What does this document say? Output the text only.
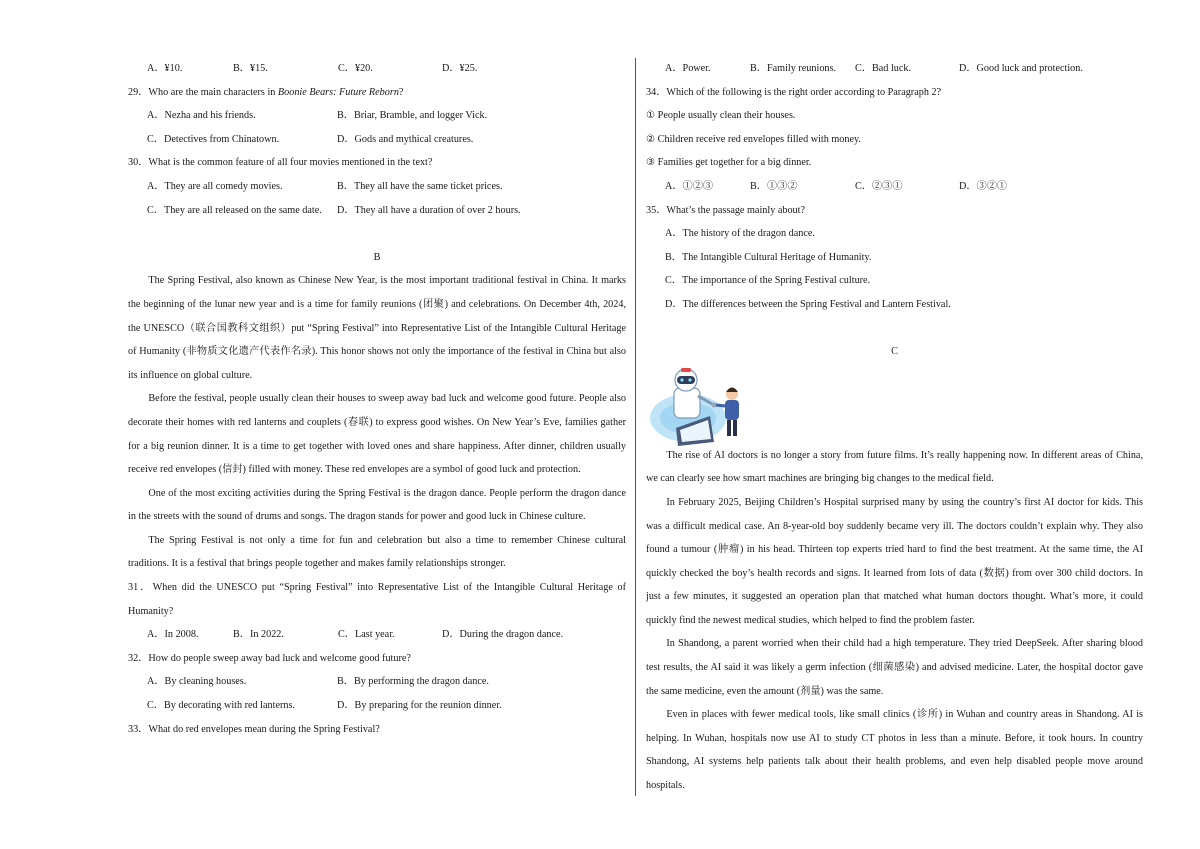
A．¥10.	B．¥15.	C．¥20.	D．¥25.
29．Who are the main characters in Boonie Bears: Future Reborn?
A．Nezha and his friends.	B．Briar, Bramble, and logger Vick.
C．Detectives from Chinatown.	D．Gods and mythical creatures.
30．What is the common feature of all four movies mentioned in the text?
A．They are all comedy movies.	B．They all have the same ticket prices.
C．They are all released on the same date.	D．They all have a duration of over 2 hours.
B

The Spring Festival, also known as Chinese New Year, is the most important traditional festival in China. It marks the beginning of the lunar new year and is a time for family reunions (团聚) and celebrations. On December 4th, 2024, the UNESCO（联合国教科文组织）put “Spring Festival” into Representative List of the Intangible Cultural Heritage of Humanity (非物质文化遗产代表作名录). This honor shows not only the importance of the festival in China but also its influence on global culture.

Before the festival, people usually clean their houses to sweep away bad luck and welcome good future. People also decorate their homes with red lanterns and couplets (春联) to express good wishes. On New Year’s Eve, families gather for a big reunion dinner. It is a time to get together with loved ones and share happiness. After dinner, children usually receive red envelopes (信封) filled with money. These red envelopes are a symbol of good luck and protection.

One of the most exciting activities during the Spring Festival is the dragon dance. People perform the dragon dance in the streets with the sound of drums and songs. The dragon stands for power and good luck in Chinese culture.

The Spring Festival is not only a time for fun and celebration but also a time to remember Chinese cultural traditions. It is a festival that brings people together and makes family relationships stronger.

31．When did the UNESCO put “Spring Festival” into Representative List of the Intangible Cultural Heritage of Humanity?

A．In 2008.	B．In 2022.	C．Last year.	D．During the dragon dance.
32．How do people sweep away bad luck and welcome good future?
A．By cleaning houses.	B．By performing the dragon dance.
C．By decorating with red lanterns.	D．By preparing for the reunion dinner.
33．What do red envelopes mean during the Spring Festival?
A．Power.	B．Family reunions.	C．Bad luck.	D．Good luck and protection.
34．Which of the following is the right order according to Paragraph 2?
① People usually clean their houses.
② Children receive red envelopes filled with money.
③ Families get together for a big dinner.
A．①②③	B．①③②	C．②③①	D．③②①
35．What’s the passage mainly about?
A．The history of the dragon dance.
B．The Intangible Cultural Heritage of Humanity.
C．The importance of the Spring Festival culture.
D．The differences between the Spring Festival and Lantern Festival.
C

The rise of AI doctors is no longer a story from future films. It’s really happening now. In different areas of China, we can clearly see how smart machines are bringing big changes to the medical field.

In February 2025, Beijing Children’s Hospital surprised many by using the country’s first AI doctor for kids. This was a difficult medical case. An 8-year-old boy suddenly became very ill. The doctors couldn’t explain why. They also found a tumour (肿瘤) in his head. Thirteen top experts tried hard to find the best treatment. At the same time, the AI quickly checked the boy’s health records and signs. It learned from lots of data (数据) from over 300 child doctors. In just a few minutes, it suggested an operation plan that matched what human doctors thought. What’s more, it could quickly find the newest medical studies, which helped to find the problem faster.

In Shandong, a parent worried when their child had a high temperature. They tried DeepSeek. After sharing blood test results, the AI said it was likely a germ infection (细菌感染) and advised medicine. Later, the hospital doctor gave the same medicine, even the amount (剂量) was the same.

Even in places with fewer medical tools, like small clinics (诊所) in Wuhan and country areas in Shandong. AI is helping. In Wuhan, hospitals now use AI to study CT photos in less than a minute. Before, it took hours. In country Shandong, AI systems help patients talk about their health problems, and even help disabled people move around hospitals.
